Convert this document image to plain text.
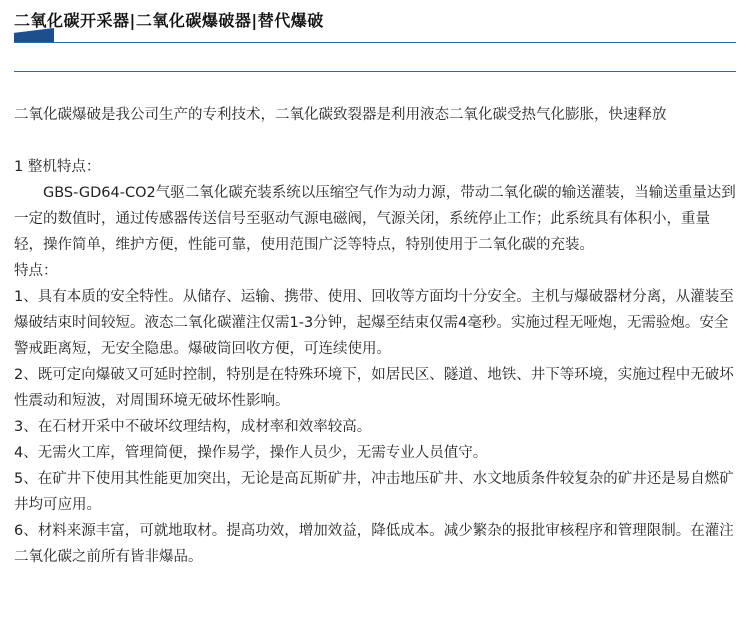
二氧化碳开采器|二氧化碳爆破器|替代爆破

二氧化碳爆破是我公司生产的专利技术，二氧化碳致裂器是利用液态二氧化碳受热气化膨胀，快速释放

1 整机特点：

GBS-GD64-CO2气驱二氧化碳充装系统以压缩空气作为动力源，带动二氧化碳的输送灌装，当输送重量达到一定的数值时，通过传感器传送信号至驱动气源电磁阀，气源关闭，系统停止工作；此系统具有体积小，重量轻，操作简单，维护方便，性能可靠，使用范围广泛等特点，特别使用于二氧化碳的充装。

特点：

1、具有本质的安全特性。从储存、运输、携带、使用、回收等方面均十分安全。主机与爆破器材分离，从灌装至爆破结束时间较短。液态二氧化碳灌注仅需1-3分钟，起爆至结束仅需4毫秒。实施过程无哑炮，无需验炮。安全警戒距离短，无安全隐患。爆破筒回收方便，可连续使用。

2、既可定向爆破又可延时控制，特别是在特殊环境下，如居民区、隧道、地铁、井下等环境，实施过程中无破坏性震动和短波，对周围环境无破坏性影响。

3、在石材开采中不破坏纹理结构，成材率和效率较高。

4、无需火工库，管理简便，操作易学，操作人员少，无需专业人员值守。

5、在矿井下使用其性能更加突出，无论是高瓦斯矿井，冲击地压矿井、水文地质条件较复杂的矿井还是易自燃矿井均可应用。

6、材料来源丰富，可就地取材。提高功效，增加效益，降低成本。减少繁杂的报批审核程序和管理限制。在灌注二氧化碳之前所有皆非爆品。
